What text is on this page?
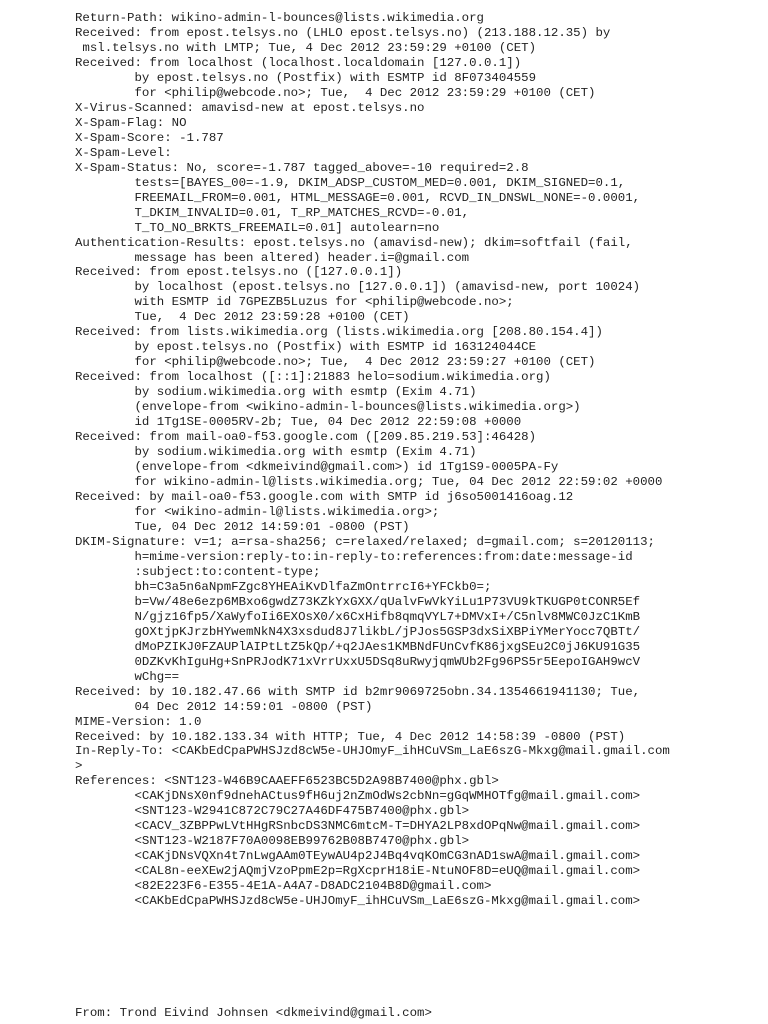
Return-Path: wikino-admin-l-bounces@lists.wikimedia.org
Received: from epost.telsys.no (LHLO epost.telsys.no) (213.188.12.35) by
msl.telsys.no with LMTP; Tue, 4 Dec 2012 23:59:29 +0100 (CET)
Received: from localhost (localhost.localdomain [127.0.0.1])
by epost.telsys.no (Postfix) with ESMTP id 8F073404559
for <philip@webcode.no>; Tue,  4 Dec 2012 23:59:29 +0100 (CET)
X-Virus-Scanned: amavisd-new at epost.telsys.no
X-Spam-Flag: NO
X-Spam-Score: -1.787
X-Spam-Level:
X-Spam-Status: No, score=-1.787 tagged_above=-10 required=2.8
tests=[BAYES_00=-1.9, DKIM_ADSP_CUSTOM_MED=0.001, DKIM_SIGNED=0.1,
FREEMAIL_FROM=0.001, HTML_MESSAGE=0.001, RCVD_IN_DNSWL_NONE=-0.0001,
T_DKIM_INVALID=0.01, T_RP_MATCHES_RCVD=-0.01,
T_TO_NO_BRKTS_FREEMAIL=0.01] autolearn=no
Authentication-Results: epost.telsys.no (amavisd-new); dkim=softfail (fail,
message has been altered) header.i=@gmail.com
Received: from epost.telsys.no ([127.0.0.1])
by localhost (epost.telsys.no [127.0.0.1]) (amavisd-new, port 10024)
with ESMTP id 7GPEZB5Luzus for <philip@webcode.no>;
Tue,  4 Dec 2012 23:59:28 +0100 (CET)
Received: from lists.wikimedia.org (lists.wikimedia.org [208.80.154.4])
by epost.telsys.no (Postfix) with ESMTP id 163124044CE
for <philip@webcode.no>; Tue,  4 Dec 2012 23:59:27 +0100 (CET)
Received: from localhost ([::1]:21883 helo=sodium.wikimedia.org)
by sodium.wikimedia.org with esmtp (Exim 4.71)
(envelope-from <wikino-admin-l-bounces@lists.wikimedia.org>)
id 1Tg1SE-0005RV-2b; Tue, 04 Dec 2012 22:59:08 +0000
Received: from mail-oa0-f53.google.com ([209.85.219.53]:46428)
by sodium.wikimedia.org with esmtp (Exim 4.71)
(envelope-from <dkmeivind@gmail.com>) id 1Tg1S9-0005PA-Fy
for wikino-admin-l@lists.wikimedia.org; Tue, 04 Dec 2012 22:59:02 +0000
Received: by mail-oa0-f53.google.com with SMTP id j6so5001416oag.12
for <wikino-admin-l@lists.wikimedia.org>;
Tue, 04 Dec 2012 14:59:01 -0800 (PST)
DKIM-Signature: v=1; a=rsa-sha256; c=relaxed/relaxed; d=gmail.com; s=20120113;
h=mime-version:reply-to:in-reply-to:references:from:date:message-id
:subject:to:content-type;
bh=C3a5n6aNpmFZgc8YHEAiKvDlfaZmOntrrcI6+YFCkb0=;
b=Vw/48e6ezp6MBxo6gwdZ73KZkYxGXX/qUalvFwVkYiLu1P73VU9kTKUGP0tCONR5Ef
N/gjz16fp5/XaWyfoIi6EXOsX0/x6CxHifb8qmqVYL7+DMVxI+/C5nlv8MWC0JzC1KmB
gOXtjpKJrzbHYwemNkN4X3xsdud8J7likbL/jPJos5GSP3dxSiXBPiYMerYocc7QBTt/
dMoPZIKJ0FZAUPlAIPtLtZ5kQp/+q2JAes1KMBNdFUnCvfK86jxgSEu2C0jJ6KU91G35
0DZKvKhIguHg+SnPRJodK71xVrrUxxU5DSq8uRwyjqmWUb2Fg96PS5r5EepoIGAH9wcV
wChg==
Received: by 10.182.47.66 with SMTP id b2mr9069725obn.34.1354661941130; Tue,
04 Dec 2012 14:59:01 -0800 (PST)
MIME-Version: 1.0
Received: by 10.182.133.34 with HTTP; Tue, 4 Dec 2012 14:58:39 -0800 (PST)
In-Reply-To: <CAKbEdCpaPWHSJzd8cW5e-UHJOmyF_ihHCuVSm_LaE6szG-Mkxg@mail.gmail.com
>
References: <SNT123-W46B9CAAEFF6523BC5D2A98B7400@phx.gbl>
<CAKjDNsX0nf9dnehACtus9fH6uj2nZmOdWs2cbNn=gGqWMHOTfg@mail.gmail.com>
<SNT123-W2941C872C79C27A46DF475B7400@phx.gbl>
<CACV_3ZBPPwLVtHHgRSnbcDS3NMC6mtcM-T=DHYA2LP8xdOPqNw@mail.gmail.com>
<SNT123-W2187F70A0098EB99762B08B7470@phx.gbl>
<CAKjDNsVQXn4t7nLwgAAm0TEywAU4p2J4Bq4vqKOmCG3nAD1swA@mail.gmail.com>
<CAL8n-eeXEw2jAQmjVzoPpmE2p=RgXcprH18iE-NtuNOF8D=eUQ@mail.gmail.com>
<82E223F6-E355-4E1A-A4A7-D8ADC2104B8D@gmail.com>
<CAKbEdCpaPWHSJzd8cW5e-UHJOmyF_ihHCuVSm_LaE6szG-Mkxg@mail.gmail.com>
From: Trond Eivind Johnsen <dkmeivind@gmail.com>
